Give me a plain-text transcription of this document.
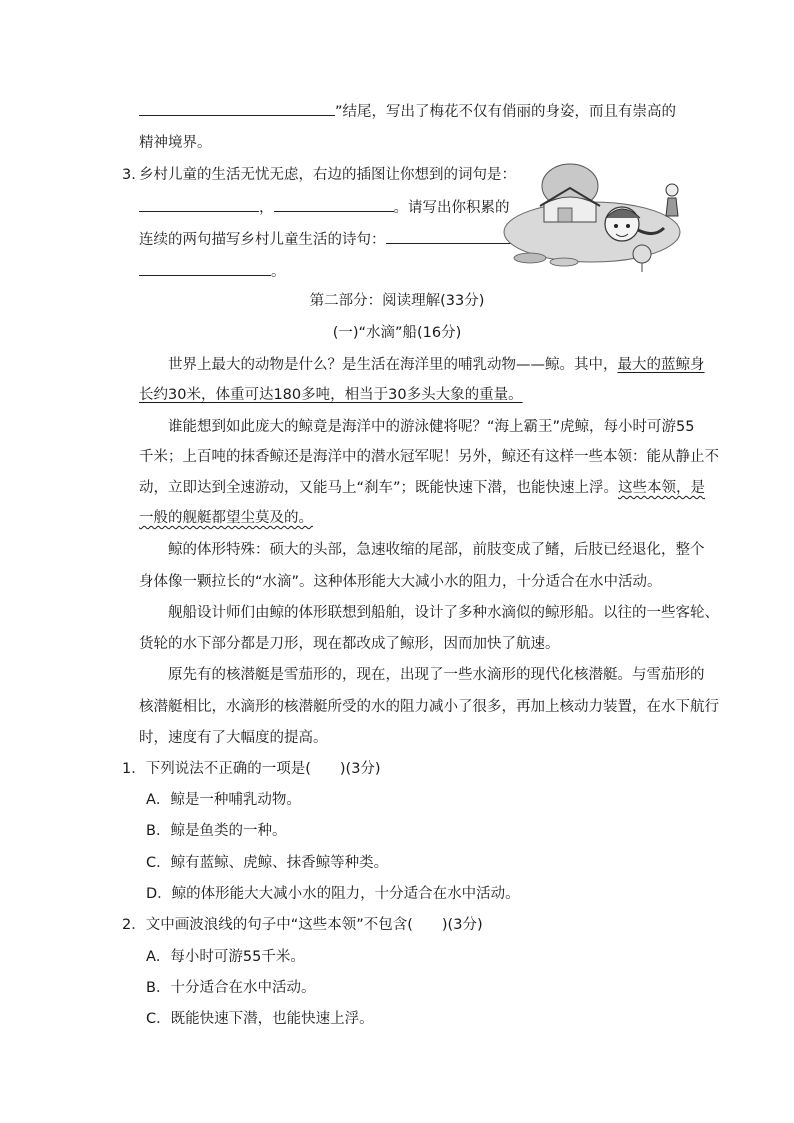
”结尾，写出了梅花不仅有俏丽的身姿，而且有崇高的
精神境界。
3. 乡村儿童的生活无忧无虑，右边的插图让你想到的词句是：
，	。请写出你积累的
连续的两句描写乡村儿童生活的诗句：
。
第二部分：阅读理解(33分)
(一)“水滴”船(16分)
世界上最大的动物是什么？是生活在海洋里的哺乳动物——鲸。其中，最大的蓝鲸身
长约30米，体重可达180多吨，相当于30多头大象的重量。
谁能想到如此庞大的鲸竟是海洋中的游泳健将呢？“海上霸王”虎鲸，每小时可游55
千米；上百吨的抹香鲸还是海洋中的潜水冠军呢！另外，鲸还有这样一些本领：能从静止不
动，立即达到全速游动，又能马上“刹车”；既能快速下潜，也能快速上浮。这些本领，是
一般的舰艇都望尘莫及的。
鲸的体形特殊：硕大的头部，急速收缩的尾部，前肢变成了鳍，后肢已经退化，整个
身体像一颗拉长的“水滴”。这种体形能大大减小水的阻力，十分适合在水中活动。
舰船设计师们由鲸的体形联想到船舶，设计了多种水滴似的鲸形船。以往的一些客轮、
货轮的水下部分都是刀形，现在都改成了鲸形，因而加快了航速。
原先有的核潜艇是雪茄形的，现在，出现了一些水滴形的现代化核潜艇。与雪茄形的
核潜艇相比，水滴形的核潜艇所受的水的阻力减小了很多，再加上核动力装置，在水下航行
时，速度有了大幅度的提高。
1．下列说法不正确的一项是(　　)(3分)
A．鲸是一种哺乳动物。
B．鲸是鱼类的一种。
C．鲸有蓝鲸、虎鲸、抹香鲸等种类。
D．鲸的体形能大大减小水的阻力，十分适合在水中活动。
2．文中画波浪线的句子中“这些本领”不包含(　　)(3分)
A．每小时可游55千米。
B．十分适合在水中活动。
C．既能快速下潜，也能快速上浮。
